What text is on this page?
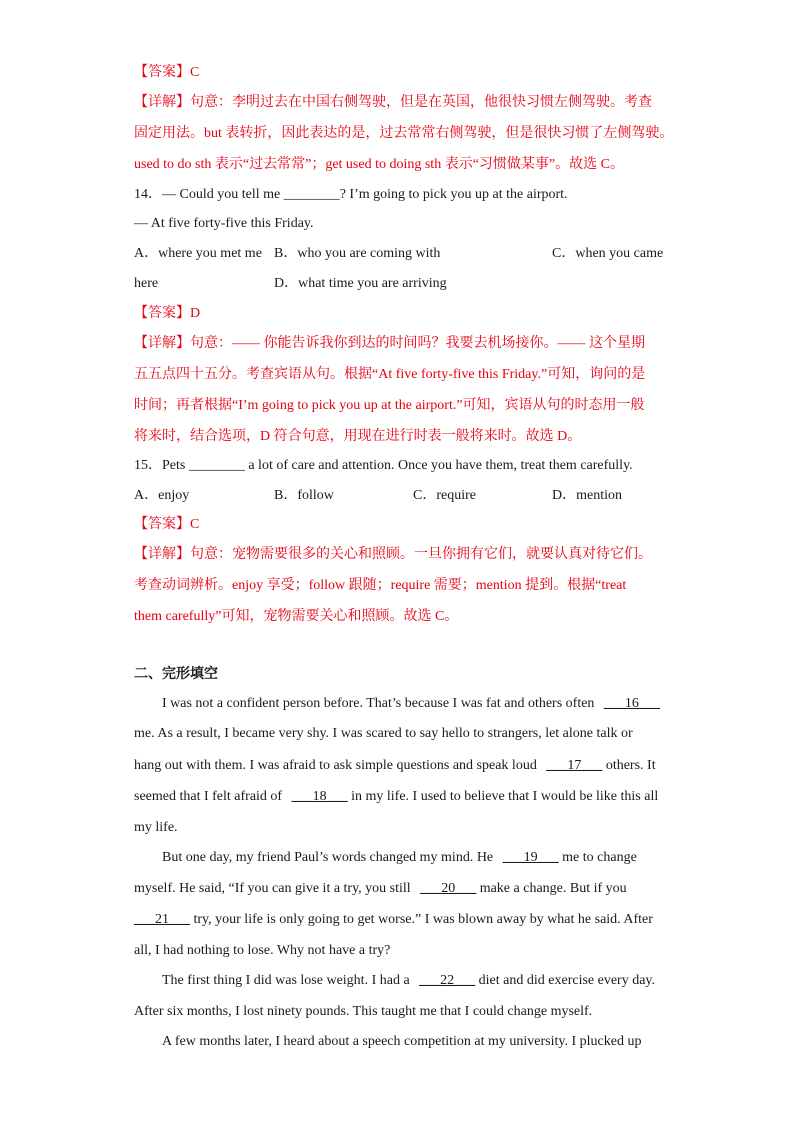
【答案】C
【详解】句意：李明过去在中国右侧驾驶，但是在英国，他很快习惯左侧驾驶。考查
固定用法。but 表转折，因此表达的是，过去常常右侧驾驶，但是很快习惯了左侧驾驶。
used to do sth 表示“过去常常”；get used to doing sth 表示“习惯做某事”。故选 C。
14．— Could you tell me ________? I’m going to pick you up at the airport.
— At five forty-five this Friday.
A．where you met me B．who you are coming with	C．when you came
here	D．what time you are arriving
【答案】D
【详解】句意：—— 你能告诉我你到达的时间吗？我要去机场接你。—— 这个星期
五五点四十五分。考查宾语从句。根据“At five forty-five this Friday.”可知，询问的是
时间；再者根据“I’m going to pick you up at the airport.”可知，宾语从句的时态用一般
将来时，结合选项，D 符合句意，用现在进行时表一般将来时。故选 D。
15．Pets ________ a lot of care and attention. Once you have them, treat them carefully.
A．enjoy	B．follow	C．require	D．mention
【答案】C
【详解】句意：宠物需要很多的关心和照顾。一旦你拥有它们，就要认真对待它们。
考查动词辨析。enjoy 享受；follow 跟随；require 需要；mention 提到。根据“treat
them carefully”可知，宠物需要关心和照顾。故选 C。
二、完形填空
I was not a confident person before. That’s because I was fat and others often ___16___
me. As a result, I became very shy. I was scared to say hello to strangers, let alone talk or
hang out with them. I was afraid to ask simple questions and speak loud ___17___ others. It
seemed that I felt afraid of ___18___ in my life. I used to believe that I would be like this all
my life.
But one day, my friend Paul’s words changed my mind. He ___19___ me to change
myself. He said, “If you can give it a try, you still ___20___ make a change. But if you
___21___ try, your life is only going to get worse.” I was blown away by what he said. After
all, I had nothing to lose. Why not have a try?
The first thing I did was lose weight. I had a ___22___ diet and did exercise every day.
After six months, I lost ninety pounds. This taught me that I could change myself.
A few months later, I heard about a speech competition at my university. I plucked up
